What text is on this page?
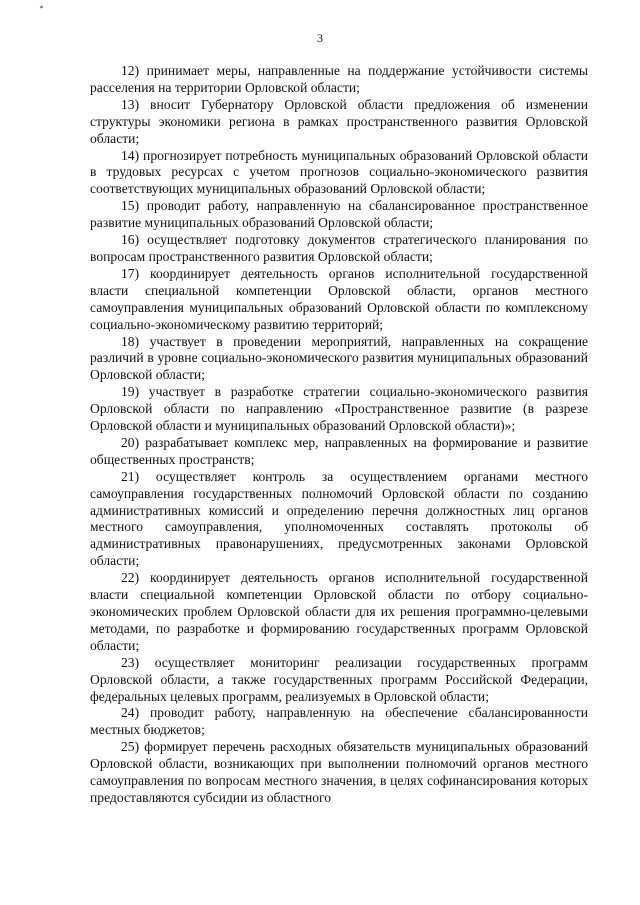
3

12) принимает меры, направленные на поддержание устойчивости системы расселения на территории Орловской области;

13) вносит Губернатору Орловской области предложения об изменении структуры экономики региона в рамках пространственного развития Орловской области;

14) прогнозирует потребность муниципальных образований Орловской области в трудовых ресурсах с учетом прогнозов социально-экономического развития соответствующих муниципальных образований Орловской области;

15) проводит работу, направленную на сбалансированное пространственное развитие муниципальных образований Орловской области;

16) осуществляет подготовку документов стратегического планирования по вопросам пространственного развития Орловской области;

17) координирует деятельность органов исполнительной государственной власти специальной компетенции Орловской области, органов местного самоуправления муниципальных образований Орловской области по комплексному социально-экономическому развитию территорий;

18) участвует в проведении мероприятий, направленных на сокращение различий в уровне социально-экономического развития муниципальных образований Орловской области;

19) участвует в разработке стратегии социально-экономического развития Орловской области по направлению «Пространственное развитие (в разрезе Орловской области и муниципальных образований Орловской области)»;

20) разрабатывает комплекс мер, направленных на формирование и развитие общественных пространств;

21) осуществляет контроль за осуществлением органами местного самоуправления государственных полномочий Орловской области по созданию административных комиссий и определению перечня должностных лиц органов местного самоуправления, уполномоченных составлять протоколы об административных правонарушениях, предусмотренных законами Орловской области;

22) координирует деятельность органов исполнительной государственной власти специальной компетенции Орловской области по отбору социально-экономических проблем Орловской области для их решения программно-целевыми методами, по разработке и формированию государственных программ Орловской области;

23) осуществляет мониторинг реализации государственных программ Орловской области, а также государственных программ Российской Федерации, федеральных целевых программ, реализуемых в Орловской области;

24) проводит работу, направленную на обеспечение сбалансированности местных бюджетов;

25) формирует перечень расходных обязательств муниципальных образований Орловской области, возникающих при выполнении полномочий органов местного самоуправления по вопросам местного значения, в целях софинансирования которых предоставляются субсидии из областного
